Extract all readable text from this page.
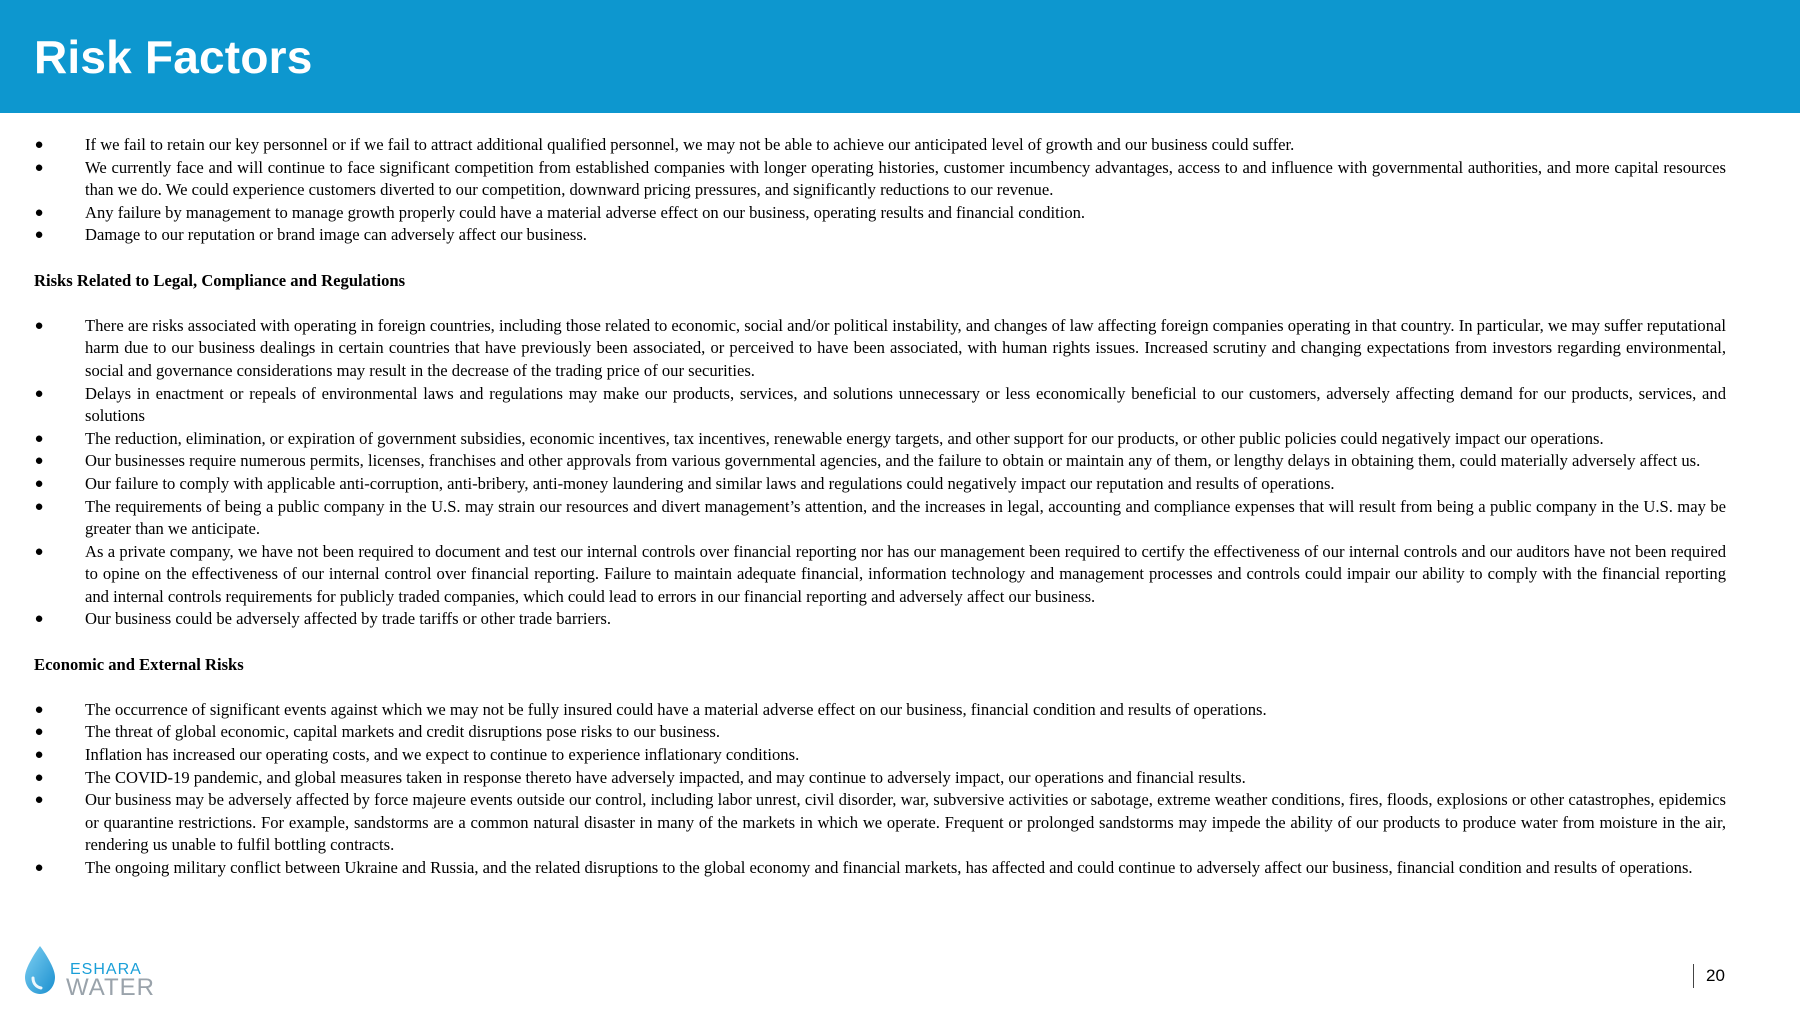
Risk Factors
● If we fail to retain our key personnel or if we fail to attract additional qualified personnel, we may not be able to achieve our anticipated level of growth and our business could suffer.
● We currently face and will continue to face significant competition from established companies with longer operating histories, customer incumbency advantages, access to and influence with governmental authorities, and more capital resources than we do. We could experience customers diverted to our competition, downward pricing pressures, and significantly reductions to our revenue.
● Any failure by management to manage growth properly could have a material adverse effect on our business, operating results and financial condition.
● Damage to our reputation or brand image can adversely affect our business.
Risks Related to Legal, Compliance and Regulations
● There are risks associated with operating in foreign countries, including those related to economic, social and/or political instability, and changes of law affecting foreign companies operating in that country. In particular, we may suffer reputational harm due to our business dealings in certain countries that have previously been associated, or perceived to have been associated, with human rights issues. Increased scrutiny and changing expectations from investors regarding environmental, social and governance considerations may result in the decrease of the trading price of our securities.
● Delays in enactment or repeals of environmental laws and regulations may make our products, services, and solutions unnecessary or less economically beneficial to our customers, adversely affecting demand for our products, services, and solutions
● The reduction, elimination, or expiration of government subsidies, economic incentives, tax incentives, renewable energy targets, and other support for our products, or other public policies could negatively impact our operations.
● Our businesses require numerous permits, licenses, franchises and other approvals from various governmental agencies, and the failure to obtain or maintain any of them, or lengthy delays in obtaining them, could materially adversely affect us.
● Our failure to comply with applicable anti-corruption, anti-bribery, anti-money laundering and similar laws and regulations could negatively impact our reputation and results of operations.
● The requirements of being a public company in the U.S. may strain our resources and divert management’s attention, and the increases in legal, accounting and compliance expenses that will result from being a public company in the U.S. may be greater than we anticipate.
● As a private company, we have not been required to document and test our internal controls over financial reporting nor has our management been required to certify the effectiveness of our internal controls and our auditors have not been required to opine on the effectiveness of our internal control over financial reporting. Failure to maintain adequate financial, information technology and management processes and controls could impair our ability to comply with the financial reporting and internal controls requirements for publicly traded companies, which could lead to errors in our financial reporting and adversely affect our business.
● Our business could be adversely affected by trade tariffs or other trade barriers.
Economic and External Risks
● The occurrence of significant events against which we may not be fully insured could have a material adverse effect on our business, financial condition and results of operations.
● The threat of global economic, capital markets and credit disruptions pose risks to our business.
● Inflation has increased our operating costs, and we expect to continue to experience inflationary conditions.
● The COVID-19 pandemic, and global measures taken in response thereto have adversely impacted, and may continue to adversely impact, our operations and financial results.
● Our business may be adversely affected by force majeure events outside our control, including labor unrest, civil disorder, war, subversive activities or sabotage, extreme weather conditions, fires, floods, explosions or other catastrophes, epidemics or quarantine restrictions. For example, sandstorms are a common natural disaster in many of the markets in which we operate. Frequent or prolonged sandstorms may impede the ability of our products to produce water from moisture in the air, rendering us unable to fulfil bottling contracts.
● The ongoing military conflict between Ukraine and Russia, and the related disruptions to the global economy and financial markets, has affected and could continue to adversely affect our business, financial condition and results of operations.
ESHARA
WATER	20
